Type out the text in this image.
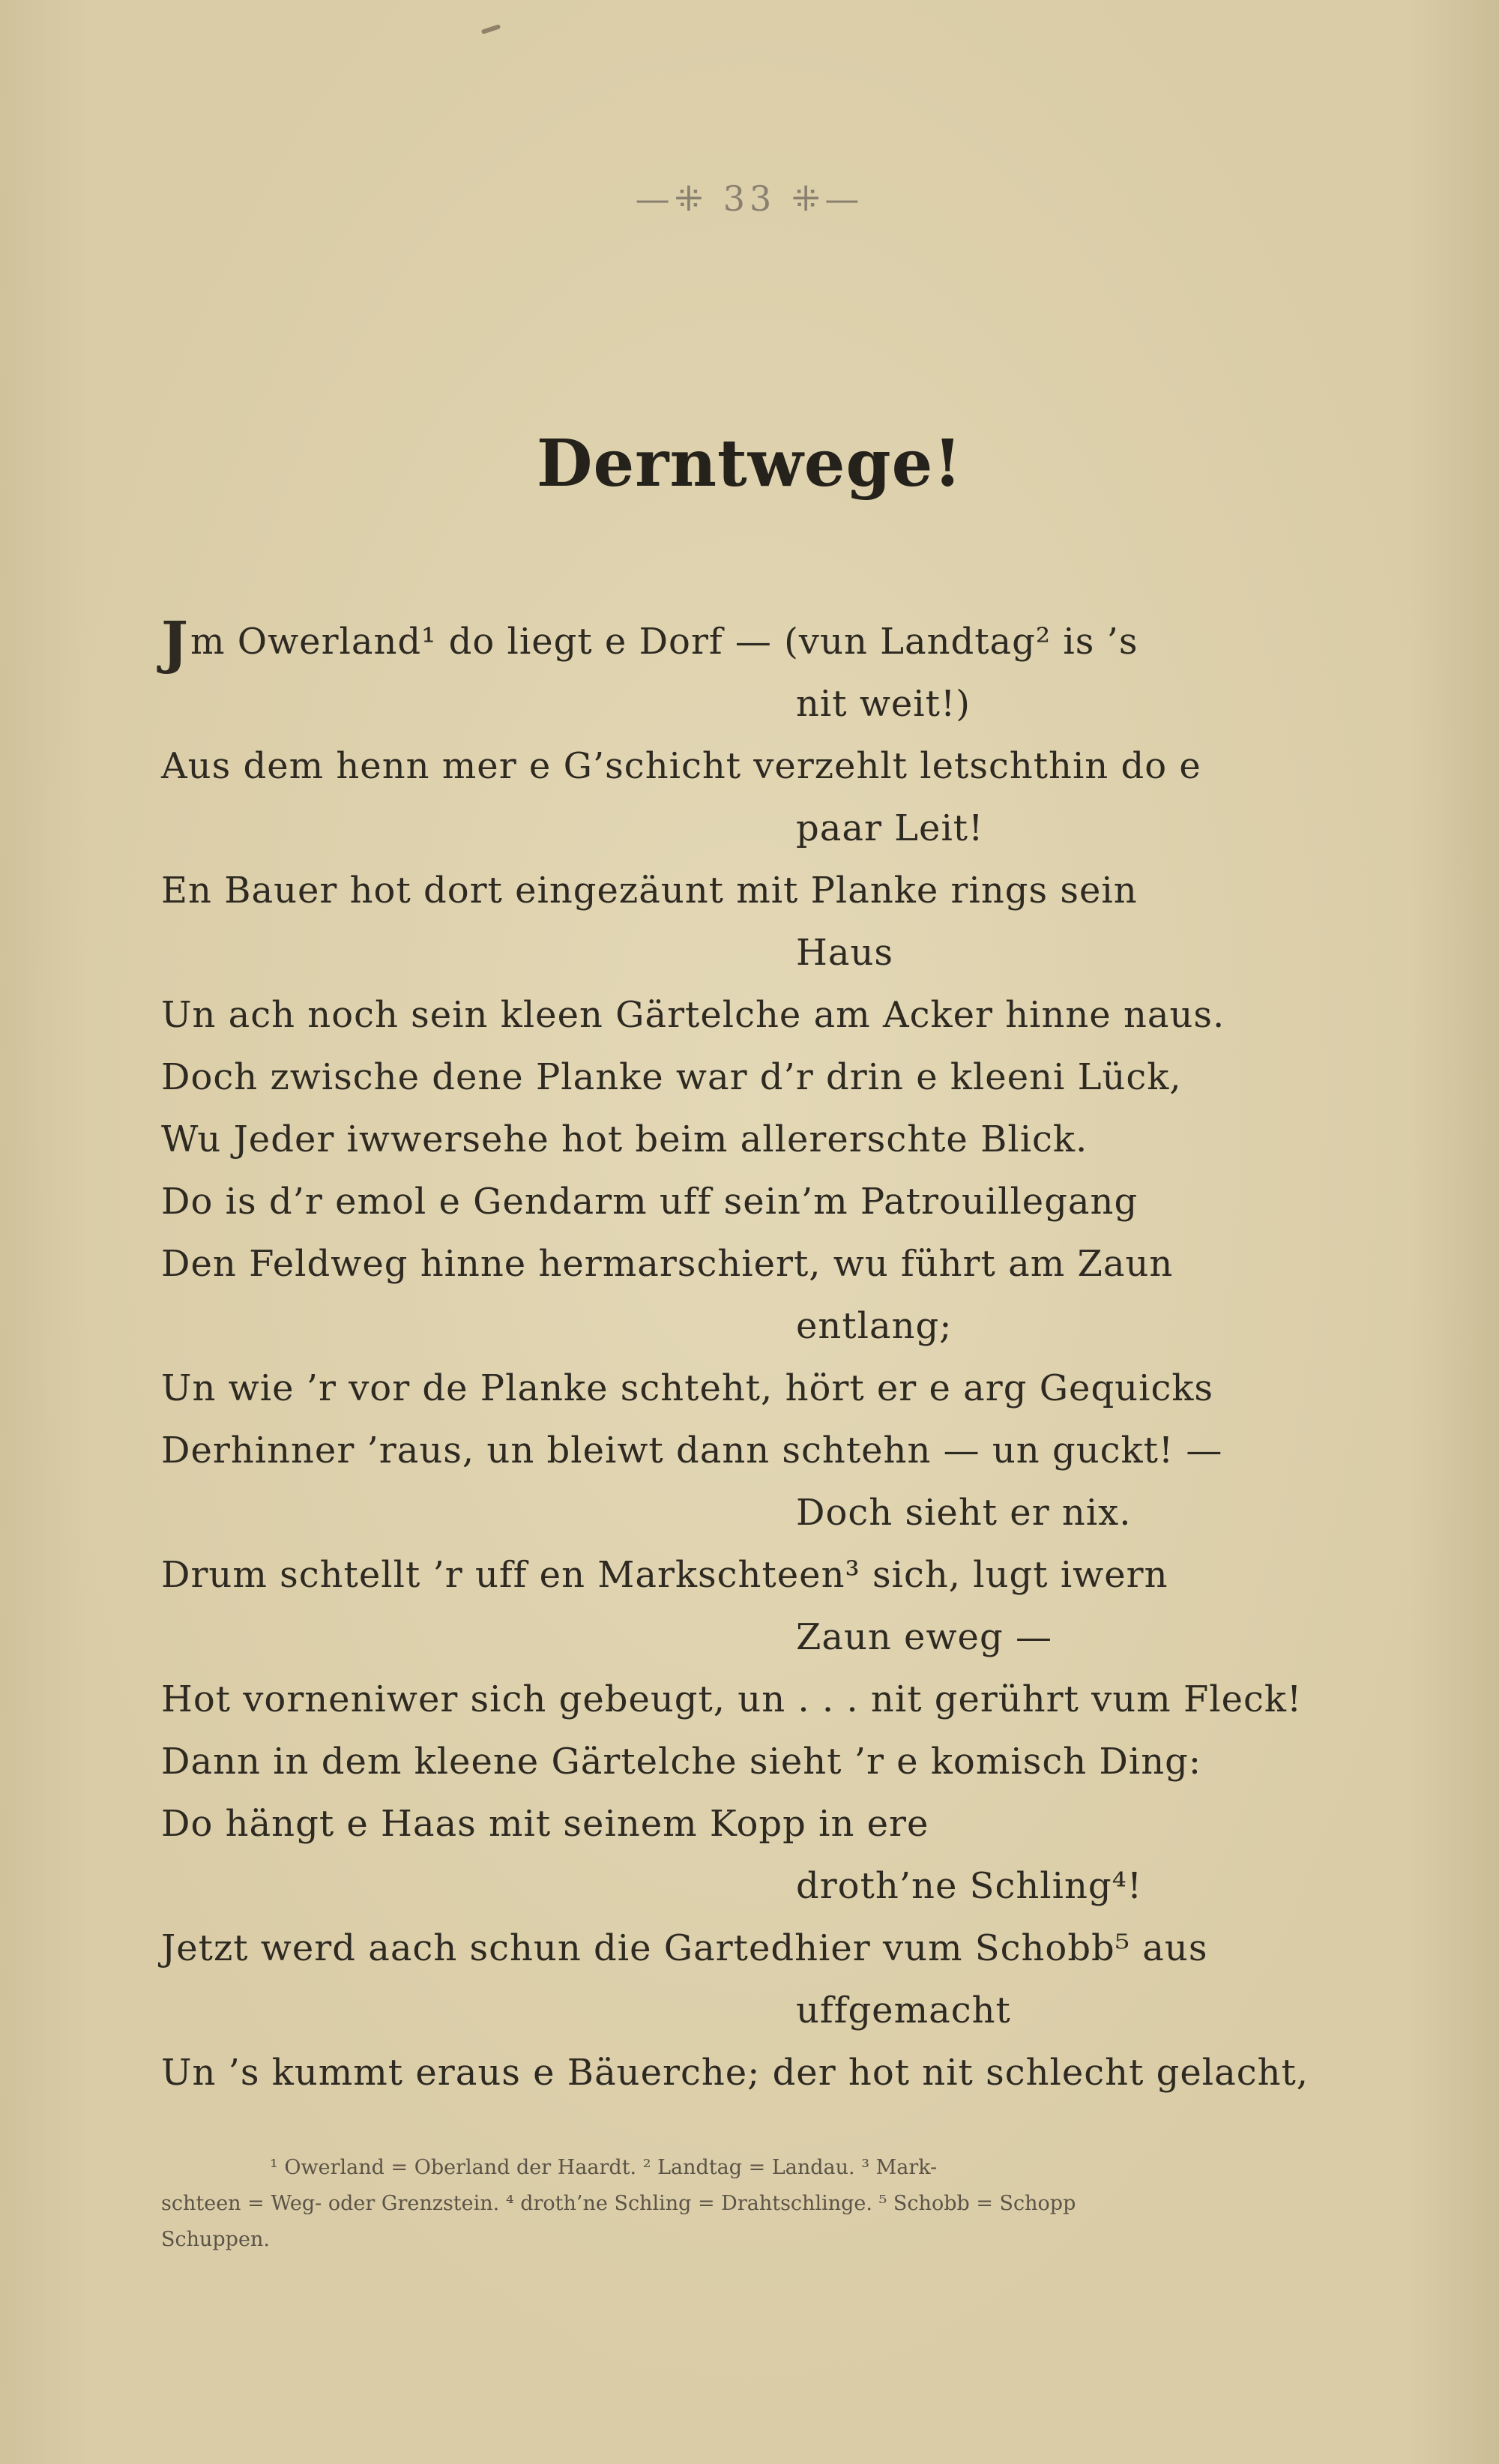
—⁜ 33 ⁜—
Derntwege!
Jm Owerland¹ do liegt e Dorf — (vun Landtag² is ’s
nit weit!)
Aus dem henn mer e G’schicht verzehlt letschthin do e
paar Leit!
En Bauer hot dort eingezäunt mit Planke rings sein
Haus
Un ach noch sein kleen Gärtelche am Acker hinne naus.
Doch zwische dene Planke war d’r drin e kleeni Lück,
Wu Jeder iwwersehe hot beim allererschte Blick.
Do is d’r emol e Gendarm uff sein’m Patrouillegang
Den Feldweg hinne hermarschiert, wu führt am Zaun
entlang;
Un wie ’r vor de Planke schteht, hört er e arg Gequicks
Derhinner ’raus, un bleiwt dann schtehn — un guckt! —
Doch sieht er nix.
Drum schtellt ’r uff en Markschteen³ sich, lugt iwern
Zaun eweg —
Hot vorneniwer sich gebeugt, un . . . nit gerührt vum Fleck!
Dann in dem kleene Gärtelche sieht ’r e komisch Ding:
Do hängt e Haas mit seinem Kopp in ere
droth’ne Schling⁴!
Jetzt werd aach schun die Gartedhier vum Schobb⁵ aus
uffgemacht
Un ’s kummt eraus e Bäuerche; der hot nit schlecht gelacht,
¹ Owerland = Oberland der Haardt. ² Landtag = Landau. ³ Mark-
schteen = Weg- oder Grenzstein. ⁴ droth’ne Schling = Drahtschlinge. ⁵ Schobb = Schopp
Schuppen.
